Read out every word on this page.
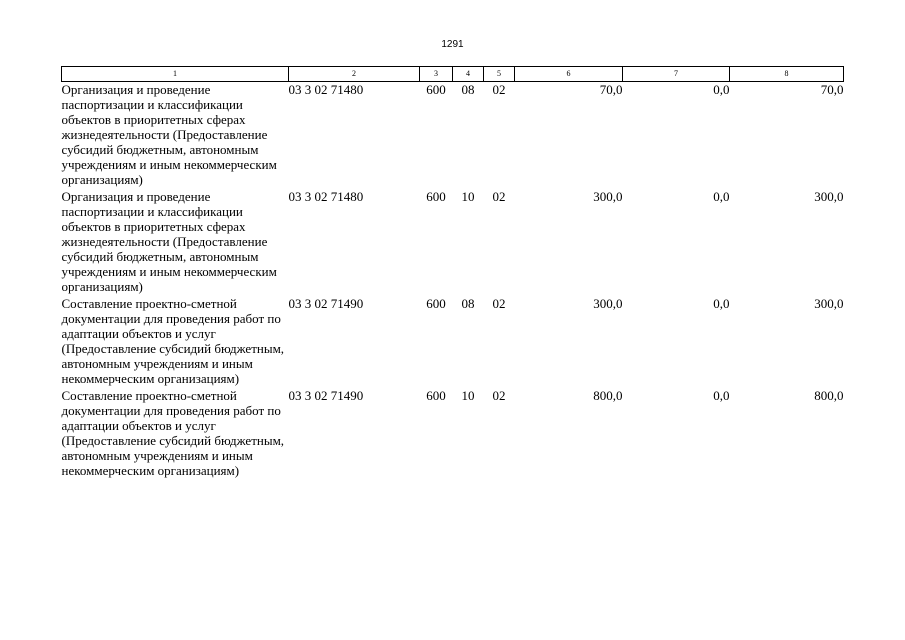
1291
1	2	3	4	5	6	7	8
Организация и проведение паспортизации и классификации объектов в приоритетных сферах жизнедеятельности (Предоставление субсидий бюджетным, автономным учреждениям и иным некоммерческим организациям)	03 3 02 71480	600	08	02	70,0	0,0	70,0
Организация и проведение паспортизации и классификации объектов в приоритетных сферах жизнедеятельности (Предоставление субсидий бюджетным, автономным учреждениям и иным некоммерческим организациям)	03 3 02 71480	600	10	02	300,0	0,0	300,0
Составление проектно-сметной документации для проведения работ по адаптации объектов и услуг (Предоставление субсидий бюджетным, автономным учреждениям и иным некоммерческим организациям)	03 3 02 71490	600	08	02	300,0	0,0	300,0
Составление проектно-сметной документации для проведения работ по адаптации объектов и услуг (Предоставление субсидий бюджетным, автономным учреждениям и иным некоммерческим организациям)	03 3 02 71490	600	10	02	800,0	0,0	800,0
